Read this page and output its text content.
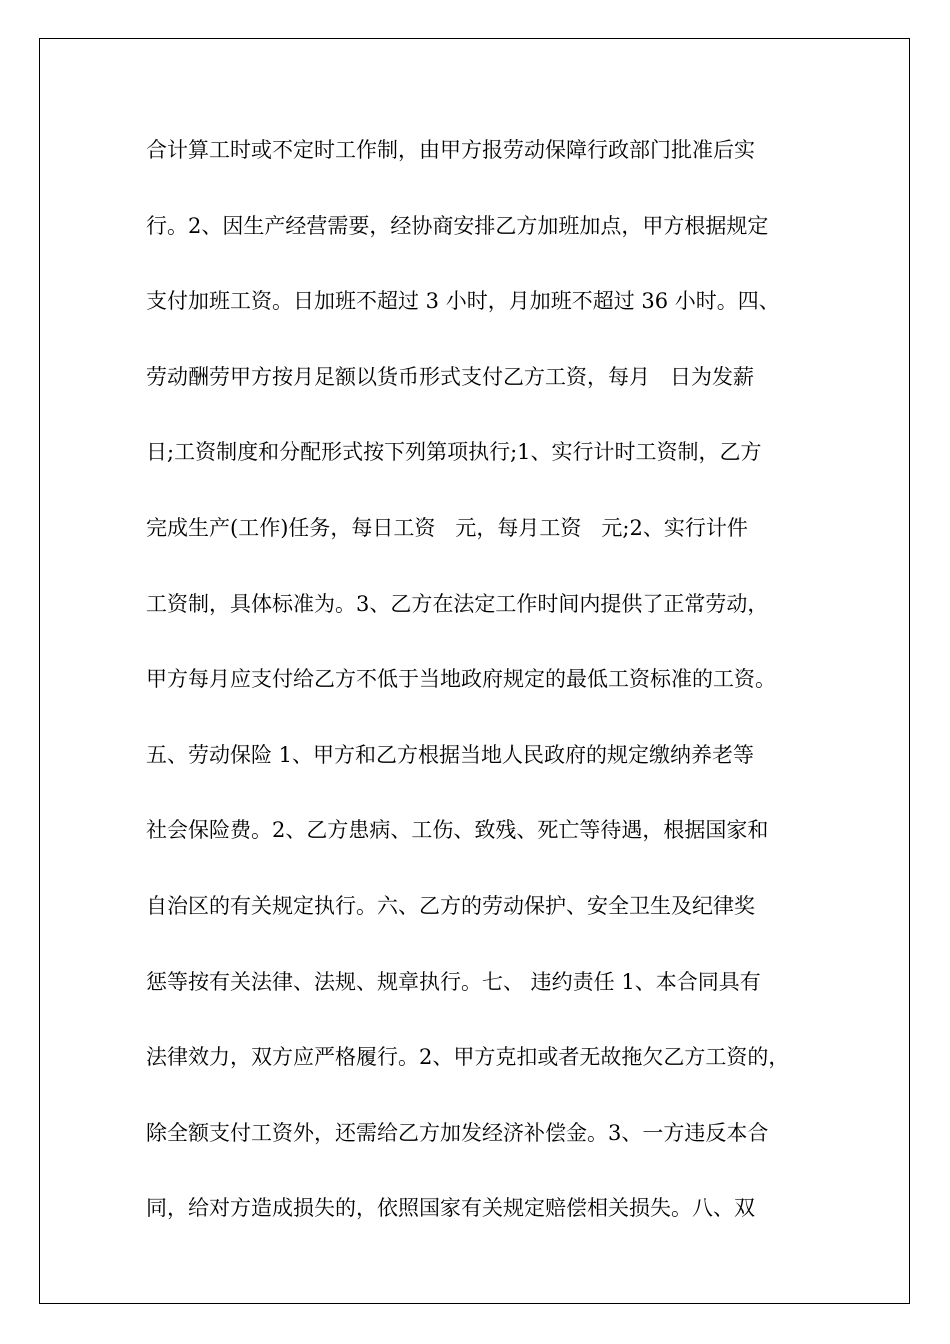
合计算工时或不定时工作制，由甲方报劳动保障行政部门批准后实

行。2、因生产经营需要，经协商安排乙方加班加点，甲方根据规定

支付加班工资。日加班不超过 3 小时，月加班不超过 36 小时。四、

劳动酬劳甲方按月足额以货币形式支付乙方工资，每月   日为发薪

日;工资制度和分配形式按下列第项执行;1、实行计时工资制，乙方

完成生产(工作)任务，每日工资   元，每月工资   元;2、实行计件

工资制，具体标准为。3、乙方在法定工作时间内提供了正常劳动，

甲方每月应支付给乙方不低于当地政府规定的最低工资标准的工资。

五、劳动保险 1、甲方和乙方根据当地人民政府的规定缴纳养老等

社会保险费。2、乙方患病、工伤、致残、死亡等待遇，根据国家和

自治区的有关规定执行。六、乙方的劳动保护、安全卫生及纪律奖

惩等按有关法律、法规、规章执行。七、 违约责任 1、本合同具有

法律效力，双方应严格履行。2、甲方克扣或者无故拖欠乙方工资的，

除全额支付工资外，还需给乙方加发经济补偿金。3、一方违反本合

同，给对方造成损失的，依照国家有关规定赔偿相关损失。八、双
